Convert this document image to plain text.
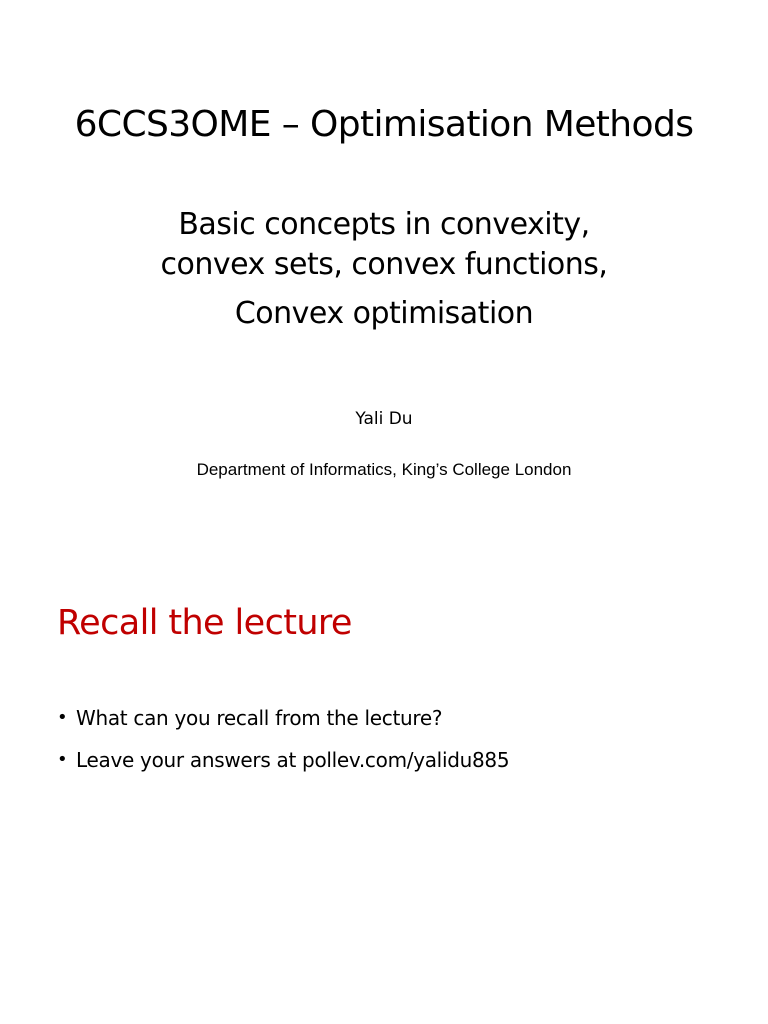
6CCS3OME – Optimisation Methods
Basic concepts in convexity,
convex sets, convex functions,
Convex optimisation
Yali Du
Department of Informatics, King’s College London
Recall the lecture
• What can you recall from the lecture?
• Leave your answers at pollev.com/yalidu885
